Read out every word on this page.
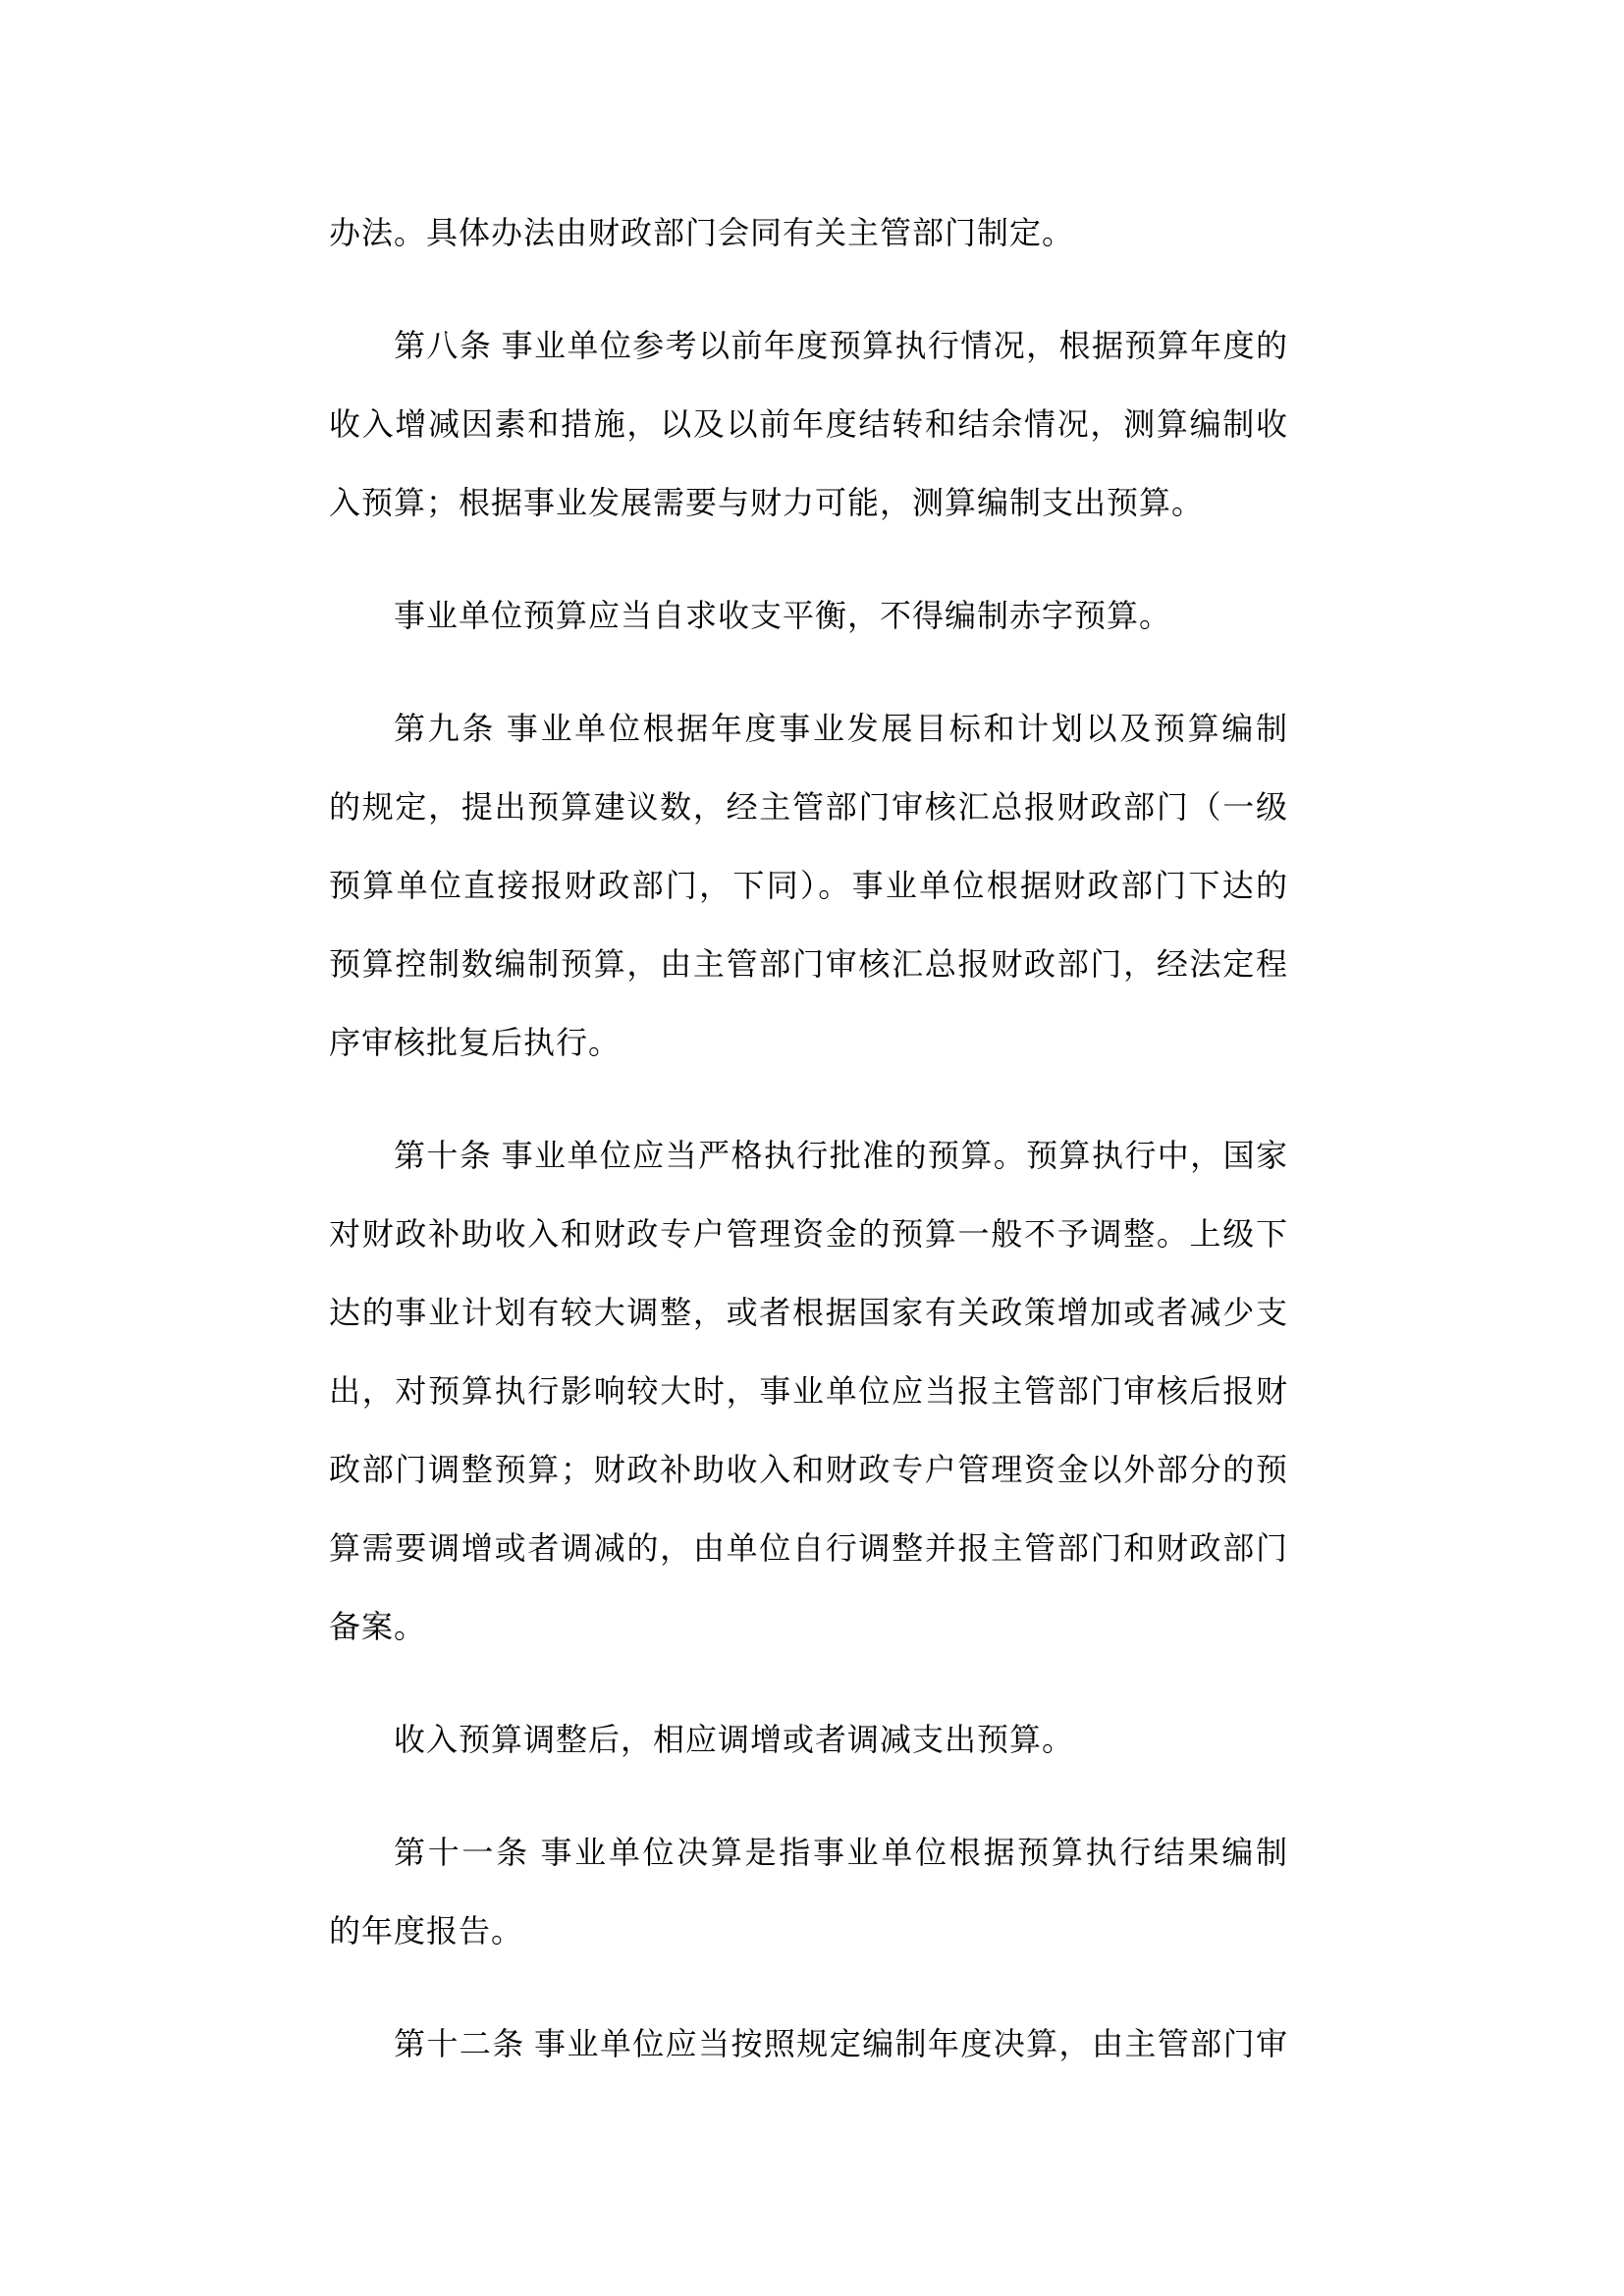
办法。具体办法由财政部门会同有关主管部门制定。
第八条 事业单位参考以前年度预算执行情况，根据预算年度的
收入增减因素和措施，以及以前年度结转和结余情况，测算编制收
入预算；根据事业发展需要与财力可能，测算编制支出预算。
事业单位预算应当自求收支平衡，不得编制赤字预算。
第九条 事业单位根据年度事业发展目标和计划以及预算编制
的规定，提出预算建议数，经主管部门审核汇总报财政部门（一级
预算单位直接报财政部门，下同）。事业单位根据财政部门下达的
预算控制数编制预算，由主管部门审核汇总报财政部门，经法定程
序审核批复后执行。
第十条 事业单位应当严格执行批准的预算。预算执行中，国家
对财政补助收入和财政专户管理资金的预算一般不予调整。上级下
达的事业计划有较大调整，或者根据国家有关政策增加或者减少支
出，对预算执行影响较大时，事业单位应当报主管部门审核后报财
政部门调整预算；财政补助收入和财政专户管理资金以外部分的预
算需要调增或者调减的，由单位自行调整并报主管部门和财政部门
备案。
收入预算调整后，相应调增或者调减支出预算。
第十一条 事业单位决算是指事业单位根据预算执行结果编制
的年度报告。
第十二条 事业单位应当按照规定编制年度决算，由主管部门审
